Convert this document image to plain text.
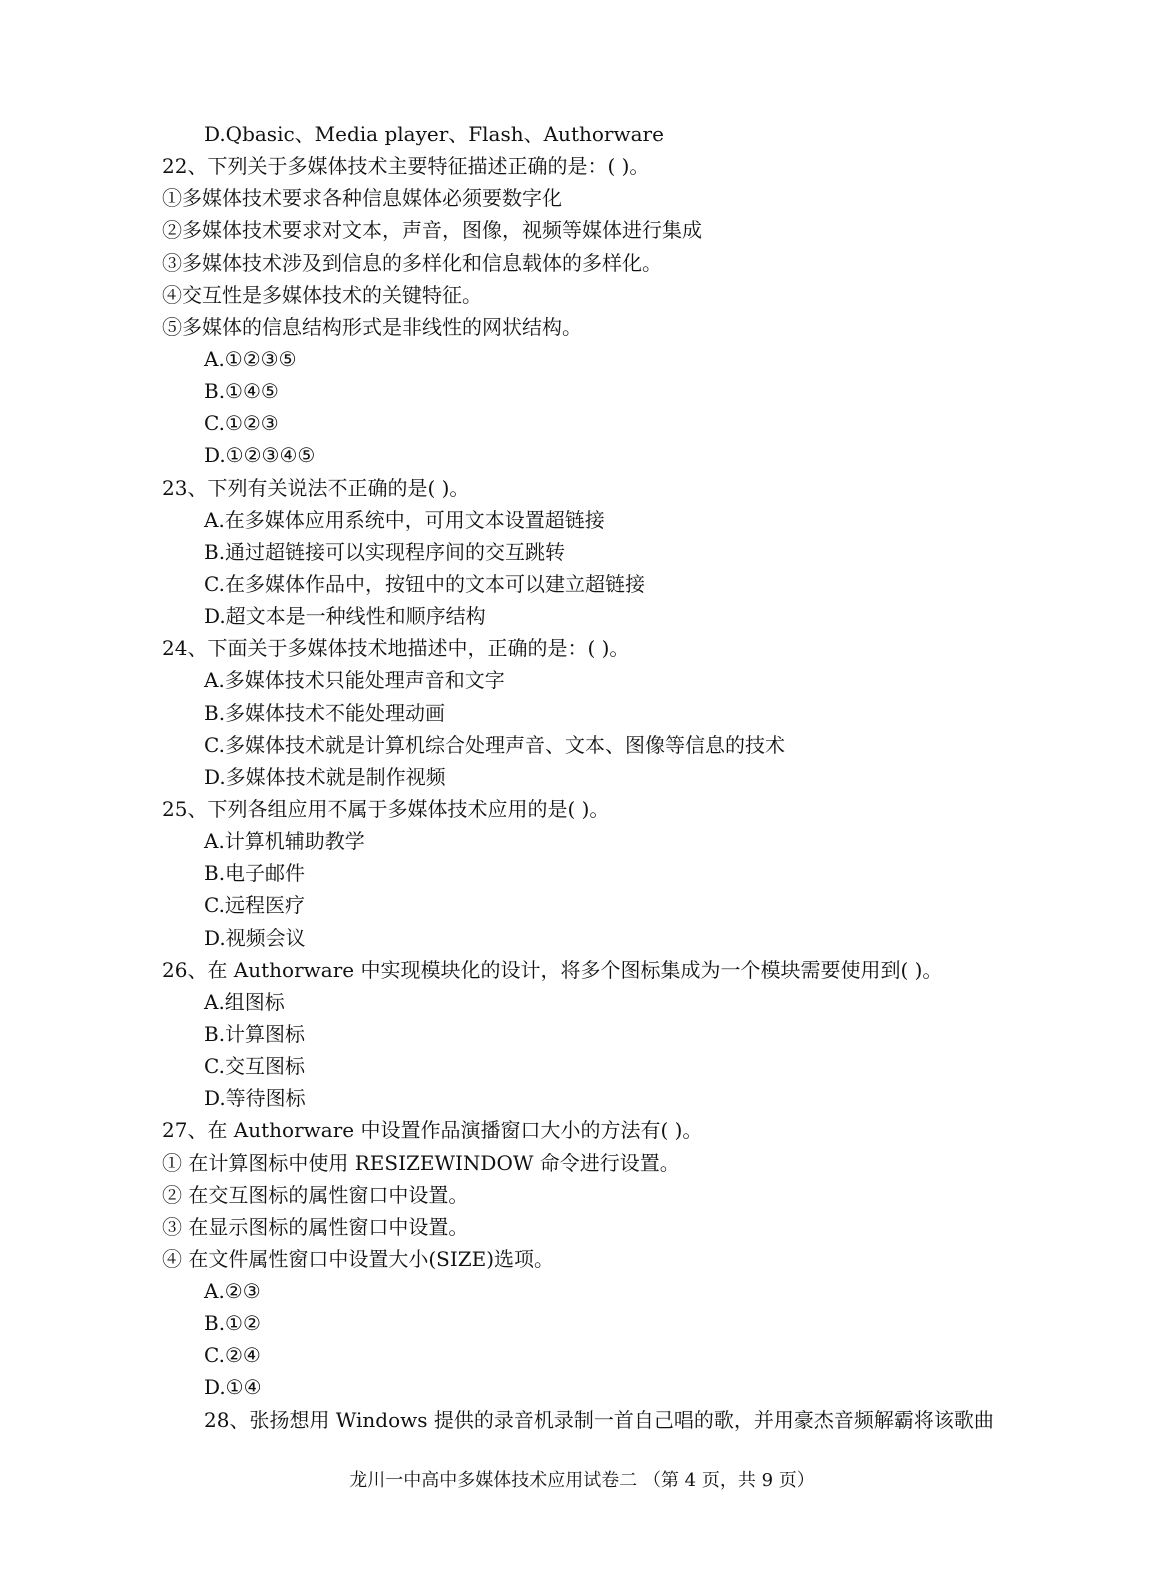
D.Qbasic、Media player、Flash、Authorware
22、下列关于多媒体技术主要特征描述正确的是：( )。
①多媒体技术要求各种信息媒体必须要数字化
②多媒体技术要求对文本，声音，图像，视频等媒体进行集成
③多媒体技术涉及到信息的多样化和信息载体的多样化。
④交互性是多媒体技术的关键特征。
⑤多媒体的信息结构形式是非线性的网状结构。
A.①②③⑤
B.①④⑤
C.①②③
D.①②③④⑤
23、下列有关说法不正确的是( )。
A.在多媒体应用系统中，可用文本设置超链接
B.通过超链接可以实现程序间的交互跳转
C.在多媒体作品中，按钮中的文本可以建立超链接
D.超文本是一种线性和顺序结构
24、下面关于多媒体技术地描述中，正确的是：( )。
A.多媒体技术只能处理声音和文字
B.多媒体技术不能处理动画
C.多媒体技术就是计算机综合处理声音、文本、图像等信息的技术
D.多媒体技术就是制作视频
25、下列各组应用不属于多媒体技术应用的是( )。
A.计算机辅助教学
B.电子邮件
C.远程医疗
D.视频会议
26、在 Authorware 中实现模块化的设计，将多个图标集成为一个模块需要使用到( )。
A.组图标
B.计算图标
C.交互图标
D.等待图标
27、在 Authorware 中设置作品演播窗口大小的方法有( )。
① 在计算图标中使用 RESIZEWINDOW 命令进行设置。
② 在交互图标的属性窗口中设置。
③ 在显示图标的属性窗口中设置。
④ 在文件属性窗口中设置大小(SIZE)选项。
A.②③
B.①②
C.②④
D.①④
28、张扬想用 Windows 提供的录音机录制一首自己唱的歌，并用豪杰音频解霸将该歌曲
龙川一中高中多媒体技术应用试卷二 （第 4 页，共 9 页）
